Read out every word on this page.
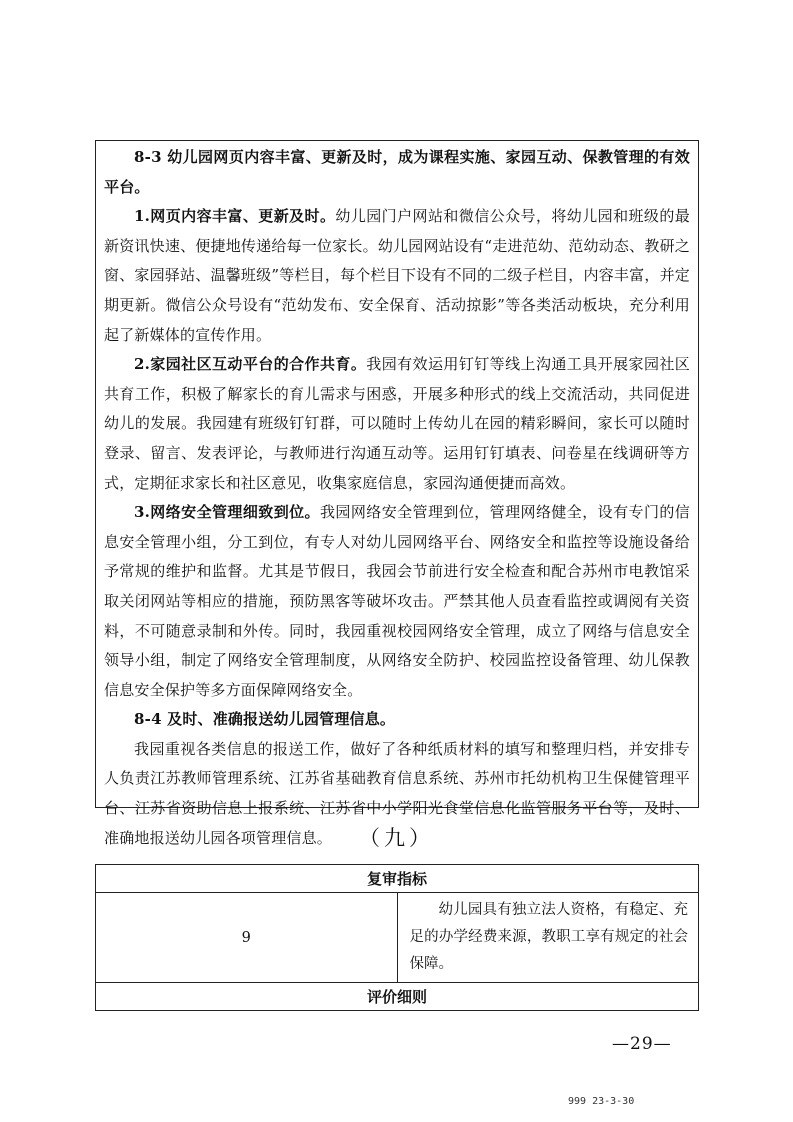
8-3 幼儿园网页内容丰富、更新及时，成为课程实施、家园互动、保教管理的有效平台。

1.网页内容丰富、更新及时。幼儿园门户网站和微信公众号，将幼儿园和班级的最新资讯快速、便捷地传递给每一位家长。幼儿园网站设有“走进范幼、范幼动态、教研之窗、家园驿站、温馨班级”等栏目，每个栏目下设有不同的二级子栏目，内容丰富，并定期更新。微信公众号设有“范幼发布、安全保育、活动掠影”等各类活动板块，充分利用起了新媒体的宣传作用。

2.家园社区互动平台的合作共育。我园有效运用钉钉等线上沟通工具开展家园社区共育工作，积极了解家长的育儿需求与困惑，开展多种形式的线上交流活动，共同促进幼儿的发展。我园建有班级钉钉群，可以随时上传幼儿在园的精彩瞬间，家长可以随时登录、留言、发表评论，与教师进行沟通互动等。运用钉钉填表、问卷星在线调研等方式，定期征求家长和社区意见，收集家庭信息，家园沟通便捷而高效。

3.网络安全管理细致到位。我园网络安全管理到位，管理网络健全，设有专门的信息安全管理小组，分工到位，有专人对幼儿园网络平台、网络安全和监控等设施设备给予常规的维护和监督。尤其是节假日，我园会节前进行安全检查和配合苏州市电教馆采取关闭网站等相应的措施，预防黑客等破坏攻击。严禁其他人员查看监控或调阅有关资料，不可随意录制和外传。同时，我园重视校园网络安全管理，成立了网络与信息安全领导小组，制定了网络安全管理制度，从网络安全防护、校园监控设备管理、幼儿保教信息安全保护等多方面保障网络安全。

8-4 及时、准确报送幼儿园管理信息。

我园重视各类信息的报送工作，做好了各种纸质材料的填写和整理归档，并安排专人负责江苏教师管理系统、江苏省基础教育信息系统、苏州市托幼机构卫生保健管理平台、江苏省资助信息上报系统、江苏省中小学阳光食堂信息化监管服务平台等，及时、准确地报送幼儿园各项管理信息。	（九）
复审指标
9	幼儿园具有独立法人资格，有稳定、充足的办学经费来源，教职工享有规定的社会保障。
评价细则
—29—
999 23-3-30
